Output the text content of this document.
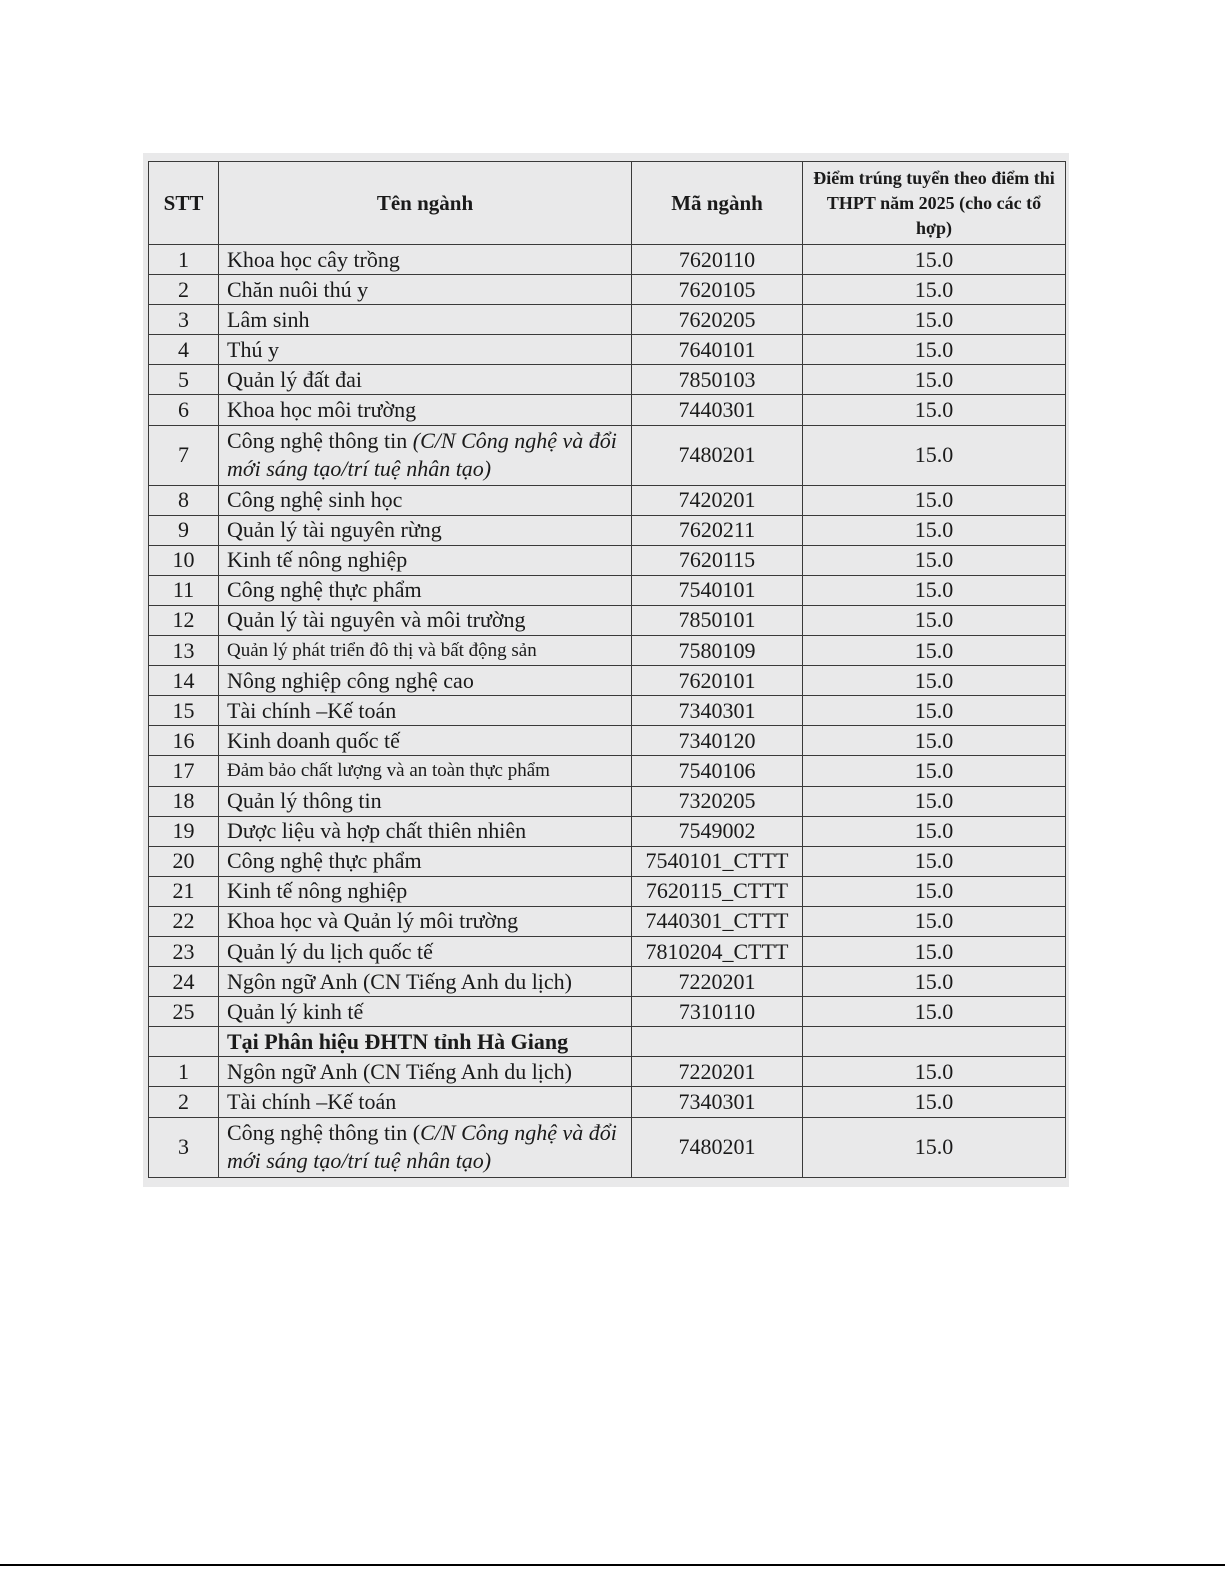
STT	Tên ngành	Mã ngành	Điểm trúng tuyển theo điểm thi THPT năm 2025 (cho các tổ hợp)
1	Khoa học cây trồng	7620110	15.0
2	Chăn nuôi thú y	7620105	15.0
3	Lâm sinh	7620205	15.0
4	Thú y	7640101	15.0
5	Quản lý đất đai	7850103	15.0
6	Khoa học môi trường	7440301	15.0
7	Công nghệ thông tin (C/N Công nghệ và đổi mới sáng tạo/trí tuệ nhân tạo)	7480201	15.0
8	Công nghệ sinh học	7420201	15.0
9	Quản lý tài nguyên rừng	7620211	15.0
10	Kinh tế nông nghiệp	7620115	15.0
11	Công nghệ thực phẩm	7540101	15.0
12	Quản lý tài nguyên và môi trường	7850101	15.0
13	Quản lý phát triển đô thị và bất động sản	7580109	15.0
14	Nông nghiệp công nghệ cao	7620101	15.0
15	Tài chính –Kế toán	7340301	15.0
16	Kinh doanh quốc tế	7340120	15.0
17	Đảm bảo chất lượng và an toàn thực phẩm	7540106	15.0
18	Quản lý thông tin	7320205	15.0
19	Dược liệu và hợp chất thiên nhiên	7549002	15.0
20	Công nghệ thực phẩm	7540101_CTTT	15.0
21	Kinh tế nông nghiệp	7620115_CTTT	15.0
22	Khoa học và Quản lý môi trường	7440301_CTTT	15.0
23	Quản lý du lịch quốc tế	7810204_CTTT	15.0
24	Ngôn ngữ Anh (CN Tiếng Anh du lịch)	7220201	15.0
25	Quản lý kinh tế	7310110	15.0
	Tại Phân hiệu ĐHTN tỉnh Hà Giang		
1	Ngôn ngữ Anh (CN Tiếng Anh du lịch)	7220201	15.0
2	Tài chính –Kế toán	7340301	15.0
3	Công nghệ thông tin (C/N Công nghệ và đổi mới sáng tạo/trí tuệ nhân tạo)	7480201	15.0
